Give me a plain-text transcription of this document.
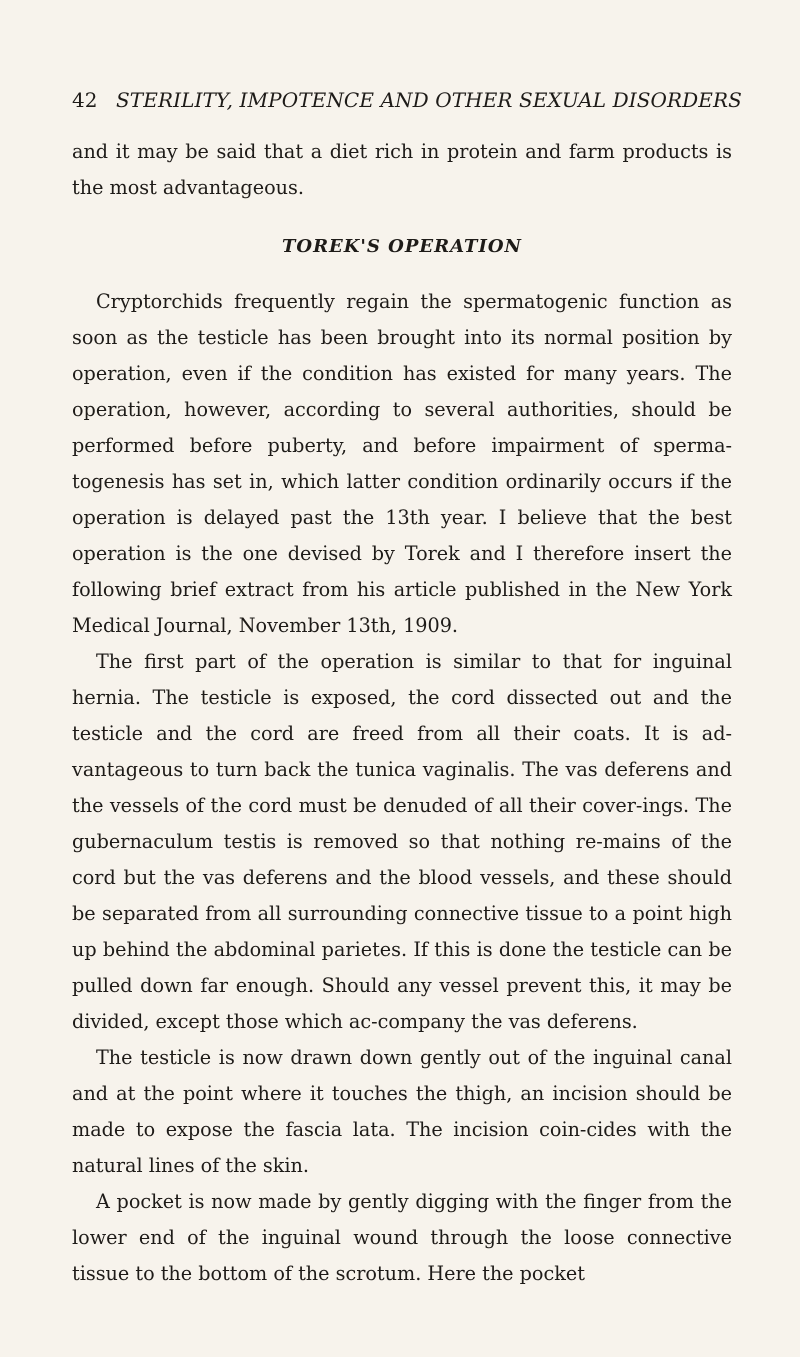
42 STERILITY, IMPOTENCE AND OTHER SEXUAL DISORDERS

and it may be said that a diet rich in protein and farm products is the most advantageous.

TOREK'S OPERATION

Cryptorchids frequently regain the spermatogenic function as soon as the testicle has been brought into its normal position by operation, even if the condition has existed for many years. The operation, however, according to several authorities, should be performed before puberty, and before impairment of sperma-togenesis has set in, which latter condition ordinarily occurs if the operation is delayed past the 13th year. I believe that the best operation is the one devised by Torek and I therefore insert the following brief extract from his article published in the New York Medical Journal, November 13th, 1909.

The first part of the operation is similar to that for inguinal hernia. The testicle is exposed, the cord dissected out and the testicle and the cord are freed from all their coats. It is ad-vantageous to turn back the tunica vaginalis. The vas deferens and the vessels of the cord must be denuded of all their cover-ings. The gubernaculum testis is removed so that nothing re-mains of the cord but the vas deferens and the blood vessels, and these should be separated from all surrounding connective tissue to a point high up behind the abdominal parietes. If this is done the testicle can be pulled down far enough. Should any vessel prevent this, it may be divided, except those which ac-company the vas deferens.

The testicle is now drawn down gently out of the inguinal canal and at the point where it touches the thigh, an incision should be made to expose the fascia lata. The incision coin-cides with the natural lines of the skin.

A pocket is now made by gently digging with the finger from the lower end of the inguinal wound through the loose connective tissue to the bottom of the scrotum. Here the pocket
